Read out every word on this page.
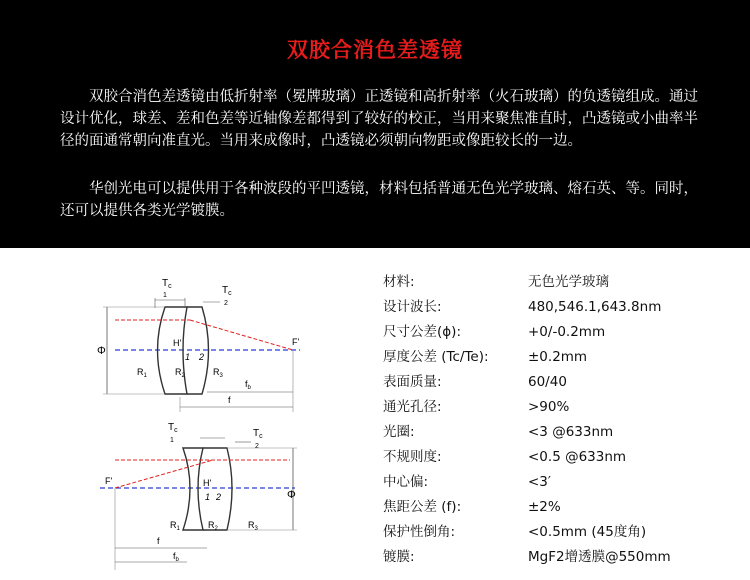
双胶合消色差透镜

双胶合消色差透镜由低折射率（冕牌玻璃）正透镜和高折射率（火石玻璃）的负透镜组成。通过设计优化，球差、差和色差等近轴像差都得到了较好的校正，当用来聚焦准直时，凸透镜或小曲率半径的面通常朝向准直光。当用来成像时，凸透镜必须朝向物距或像距较长的一边。

华创光电可以提供用于各种波段的平凹透镜，材料包括普通无色光学玻璃、熔石英、等。同时，还可以提供各类光学镀膜。

Φ
$T_c$
1	$T_c$
2
H'
1 2
$R_1$	$R_2$	$R_3$
F'
$f_b$
f
Φ
$T_c$
1
$T_c$
2
F'	H'
1 2
$R_1$	$R_2$	$R_3$
f
$f_b$
材料:	无色光学玻璃
设计波长:	480,546.1,643.8nm
尺寸公差(ϕ):	+0/-0.2mm
厚度公差 (Tc/Te):	±0.2mm
表面质量:	60/40
通光孔径:	>90%
光圈:	<3 @633nm
不规则度:	<0.5 @633nm
中心偏:	<3′
焦距公差 (f):	±2%
保护性倒角:	<0.5mm (45度角)
镀膜:	MgF2增透膜@550mm
